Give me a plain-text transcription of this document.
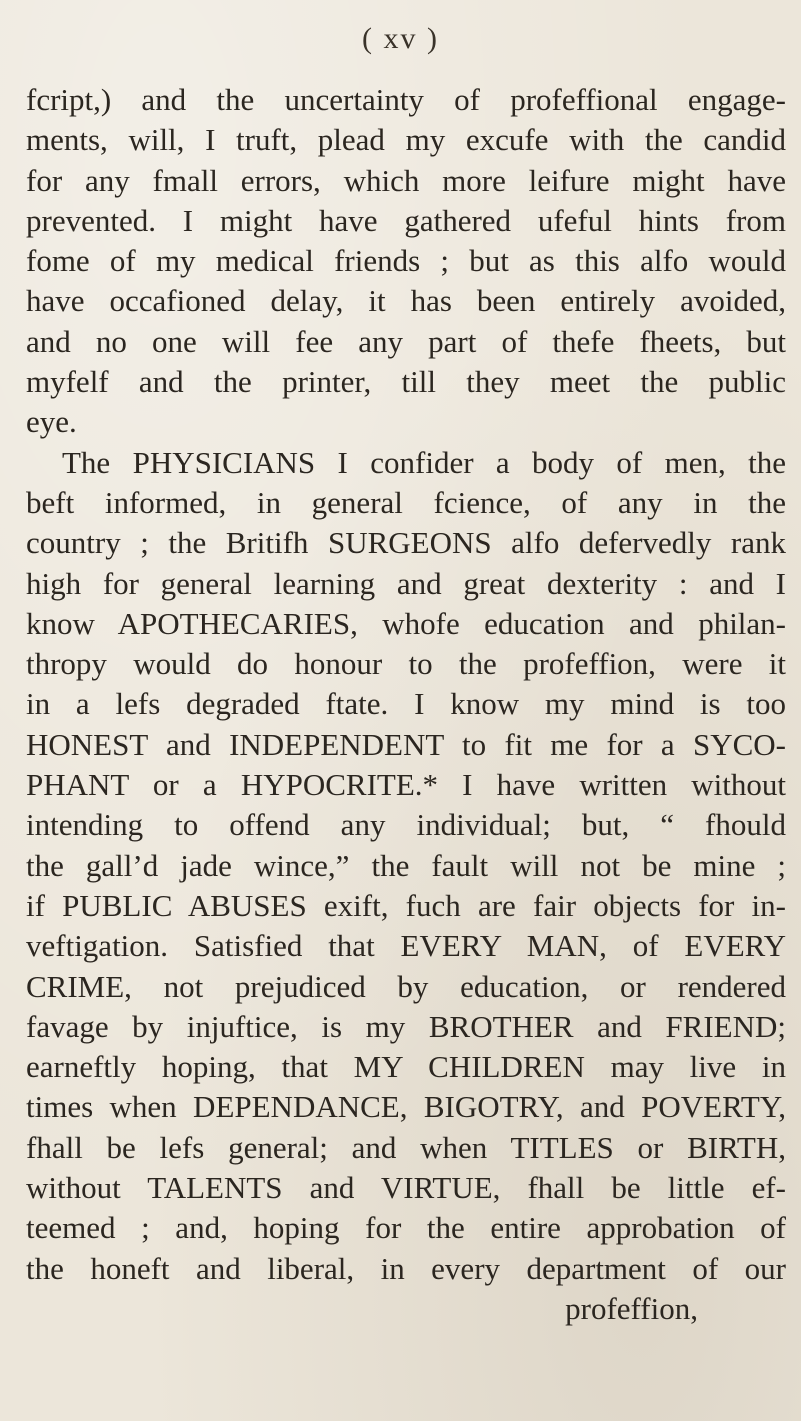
( xv )
fcript,) and the uncertainty of profeffional engage-
ments, will, I truft, plead my excufe with the candid
for any fmall errors, which more leifure might have
prevented. I might have gathered ufeful hints from
fome of my medical friends ; but as this alfo would
have occafioned delay, it has been entirely avoided,
and no one will fee any part of thefe fheets, but
myfelf and the printer, till they meet the public
eye.
The PHYSICIANS I confider a body of men, the
beft informed, in general fcience, of any in the
country ; the Britifh SURGEONS alfo defervedly rank
high for general learning and great dexterity : and I
know APOTHECARIES, whofe education and philan-
thropy would do honour to the profeffion, were it
in a lefs degraded ftate. I know my mind is too
HONEST and INDEPENDENT to fit me for a SYCO-
PHANT or a HYPOCRITE.* I have written without
intending to offend any individual; but, “ fhould
the gall’d jade wince,” the fault will not be mine ;
if PUBLIC ABUSES exift, fuch are fair objects for in-
veftigation. Satisfied that EVERY MAN, of EVERY
CRIME, not prejudiced by education, or rendered
favage by injuftice, is my BROTHER and FRIEND;
earneftly hoping, that MY CHILDREN may live in
times when DEPENDANCE, BIGOTRY, and POVERTY,
fhall be lefs general; and when TITLES or BIRTH,
without TALENTS and VIRTUE, fhall be little ef-
teemed ; and, hoping for the entire approbation of
the honeft and liberal, in every department of our
profeffion,
